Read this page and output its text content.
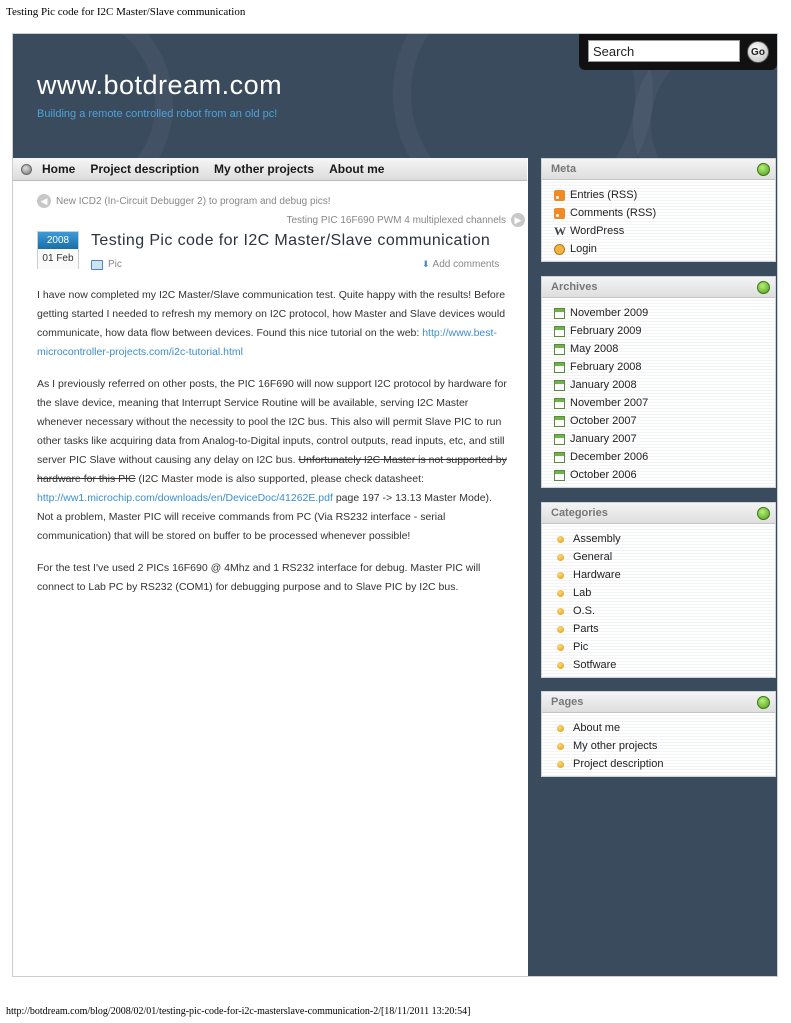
Testing Pic code for I2C Master/Slave communication
www.botdream.com
Building a remote controlled robot from an old pc!
Search
Go
Home Project description My other projects About me
◀ New ICD2 (In-Circuit Debugger 2) to program and debug pics!
Testing PIC 16F690 PWM 4 multiplexed channels ▶
2008
01 Feb
Testing Pic code for I2C Master/Slave communication
Pic	⬇ Add comments

I have now completed my I2C Master/Slave communication test. Quite happy with the results! Before getting started I needed to refresh my memory on I2C protocol, how Master and Slave devices would communicate, how data flow between devices. Found this nice tutorial on the web: http://www.best-microcontroller-projects.com/i2c-tutorial.html

As I previously referred on other posts, the PIC 16F690 will now support I2C protocol by hardware for the slave device, meaning that Interrupt Service Routine will be available, serving I2C Master whenever necessary without the necessity to pool the I2C bus. This also will permit Slave PIC to run other tasks like acquiring data from Analog-to-Digital inputs, control outputs, read inputs, etc, and still server PIC Slave without causing any delay on I2C bus. Unfortunately I2C Master is not supported by hardware for this PIC (I2C Master mode is also supported, please check datasheet: http://ww1.microchip.com/downloads/en/DeviceDoc/41262E.pdf page 197 -> 13.13 Master Mode). Not a problem, Master PIC will receive commands from PC (Via RS232 interface - serial communication) that will be stored on buffer to be processed whenever possible!

For the test I've used 2 PICs 16F690 @ 4Mhz and 1 RS232 interface for debug. Master PIC will connect to Lab PC by RS232 (COM1) for debugging purpose and to Slave PIC by I2C bus.

Meta
Entries (RSS)
Comments (RSS)
W WordPress
Login
Archives
November 2009
February 2009
May 2008
February 2008
January 2008
November 2007
October 2007
January 2007
December 2006
October 2006
Categories
Assembly
General
Hardware
Lab
O.S.
Parts
Pic
Sotfware
Pages
About me
My other projects
Project description
http://botdream.com/blog/2008/02/01/testing-pic-code-for-i2c-masterslave-communication-2/[18/11/2011 13:20:54]
